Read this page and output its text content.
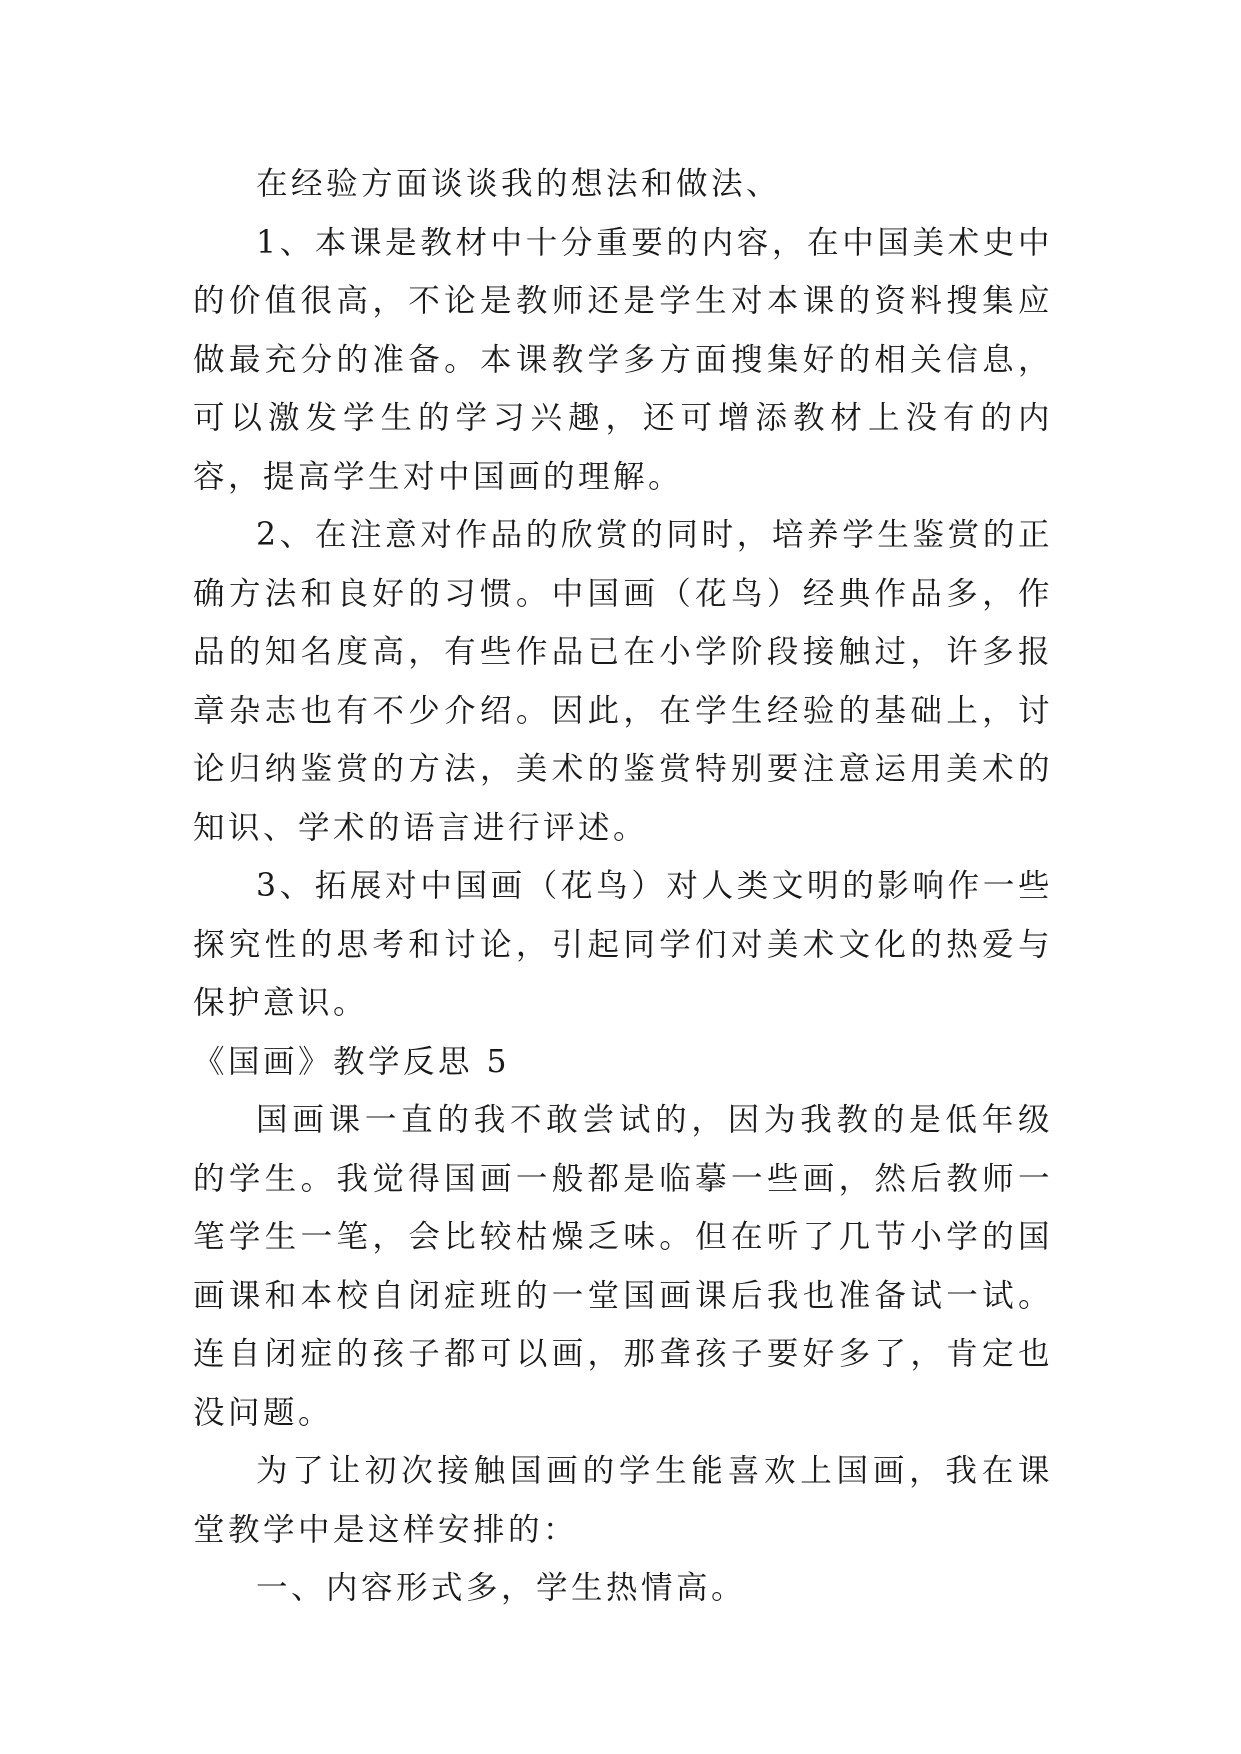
在经验方面谈谈我的想法和做法、

1、本课是教材中十分重要的内容，在中国美术史中的价值很高，不论是教师还是学生对本课的资料搜集应做最充分的准备。本课教学多方面搜集好的相关信息，可以激发学生的学习兴趣，还可增添教材上没有的内容，提高学生对中国画的理解。

2、在注意对作品的欣赏的同时，培养学生鉴赏的正确方法和良好的习惯。中国画（花鸟）经典作品多，作品的知名度高，有些作品已在小学阶段接触过，许多报章杂志也有不少介绍。因此，在学生经验的基础上，讨论归纳鉴赏的方法，美术的鉴赏特别要注意运用美术的知识、学术的语言进行评述。

3、拓展对中国画（花鸟）对人类文明的影响作一些探究性的思考和讨论，引起同学们对美术文化的热爱与保护意识。

《国画》教学反思 5

国画课一直的我不敢尝试的，因为我教的是低年级的学生。我觉得国画一般都是临摹一些画，然后教师一笔学生一笔，会比较枯燥乏味。但在听了几节小学的国画课和本校自闭症班的一堂国画课后我也准备试一试。连自闭症的孩子都可以画，那聋孩子要好多了，肯定也没问题。

为了让初次接触国画的学生能喜欢上国画，我在课堂教学中是这样安排的：

一、内容形式多，学生热情高。
